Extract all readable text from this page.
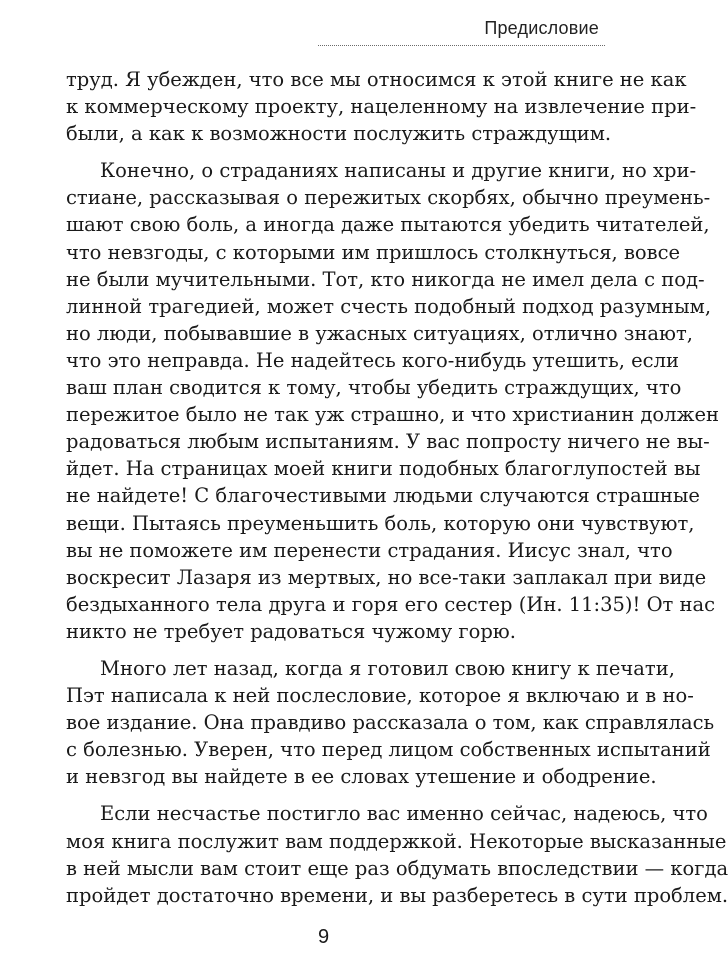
Предисловие
труд. Я убежден, что все мы относимся к этой книге не как
к коммерческому проекту, нацеленному на извлечение при-
были, а как к возможности послужить страждущим.
Конечно, о страданиях написаны и другие книги, но хри-
стиане, рассказывая о пережитых скорбях, обычно преумень-
шают свою боль, а иногда даже пытаются убедить читателей,
что невзгоды, с которыми им пришлось столкнуться, вовсе
не были мучительными. Тот, кто никогда не имел дела с под-
линной трагедией, может счесть подобный подход разумным,
но люди, побывавшие в ужасных ситуациях, отлично знают,
что это неправда. Не надейтесь кого-нибудь утешить, если
ваш план сводится к тому, чтобы убедить страждущих, что
пережитое было не так уж страшно, и что христианин должен
радоваться любым испытаниям. У вас попросту ничего не вы-
йдет. На страницах моей книги подобных благоглупостей вы
не найдете! С благочестивыми людьми случаются страшные
вещи. Пытаясь преуменьшить боль, которую они чувствуют,
вы не поможете им перенести страдания. Иисус знал, что
воскресит Лазаря из мертвых, но все-таки заплакал при виде
бездыханного тела друга и горя его сестер (Ин. 11:35)! От нас
никто не требует радоваться чужому горю.
Много лет назад, когда я готовил свою книгу к печати,
Пэт написала к ней послесловие, которое я включаю и в но-
вое издание. Она правдиво рассказала о том, как справлялась
с болезнью. Уверен, что перед лицом собственных испытаний
и невзгод вы найдете в ее словах утешение и ободрение.
Если несчастье постигло вас именно сейчас, надеюсь, что
моя книга послужит вам поддержкой. Некоторые высказанные
в ней мысли вам стоит еще раз обдумать впоследствии — когда
пройдет достаточно времени, и вы разберетесь в сути проблем.
9
